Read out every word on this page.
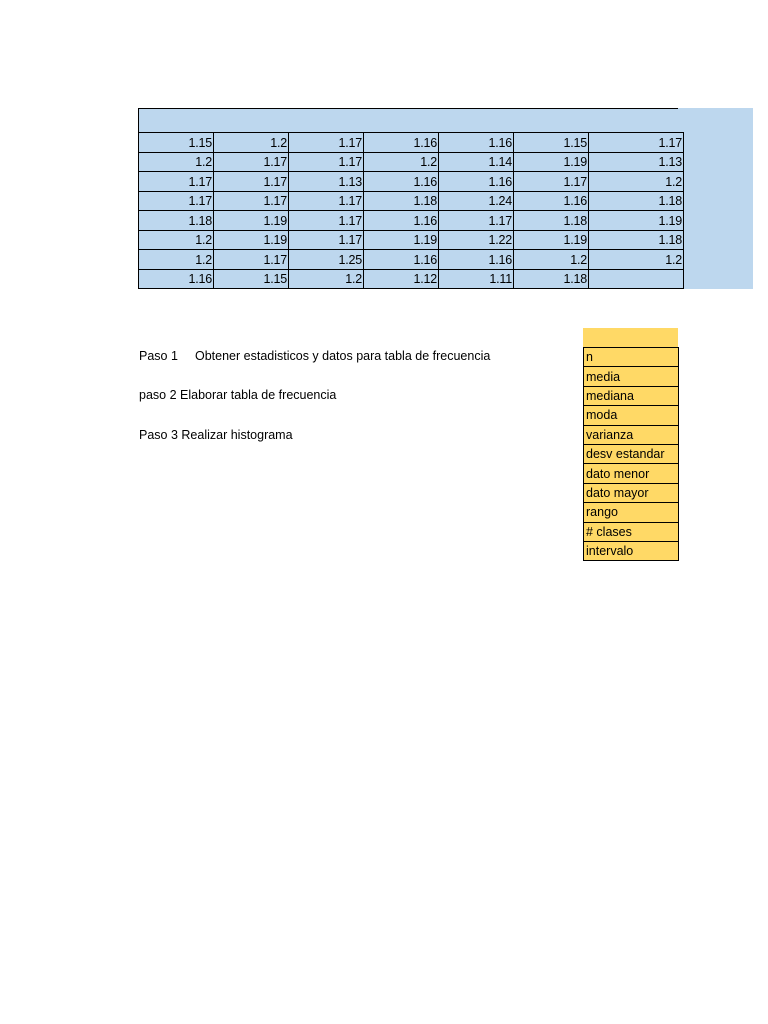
1.15	1.2	1.17	1.16	1.16	1.15	1.17
1.2	1.17	1.17	1.2	1.14	1.19	1.13
1.17	1.17	1.13	1.16	1.16	1.17	1.2
1.17	1.17	1.17	1.18	1.24	1.16	1.18
1.18	1.19	1.17	1.16	1.17	1.18	1.19
1.2	1.19	1.17	1.19	1.22	1.19	1.18
1.2	1.17	1.25	1.16	1.16	1.2	1.2
1.16	1.15	1.2	1.12	1.11	1.18	
Paso 1 Obtener estadisticos y datos para tabla de frecuencia
paso 2 Elaborar tabla de frecuencia
Paso 3 Realizar histograma
n
media
mediana
moda
varianza
desv estandar
dato menor
dato mayor
rango
# clases
intervalo
